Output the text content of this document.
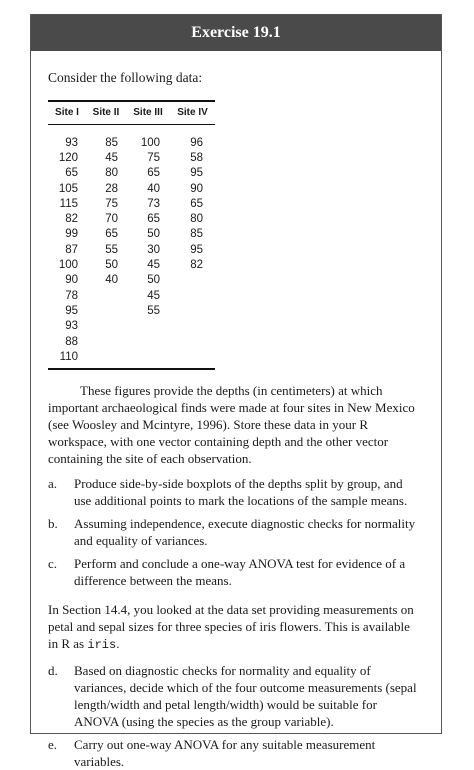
Exercise 19.1
Consider the following data:
Site I	Site II	Site III	Site IV
93	85	100	96
120	45	75	58
65	80	65	95
105	28	40	90
115	75	73	65
82	70	65	80
99	65	50	85
87	55	30	95
100	50	45	82
90	40	50	
78		45	
95		55	
93			
88			
110			

These figures provide the depths (in centimeters) at which important archaeological finds were made at four sites in New Mexico (see Woosley and Mcintyre, 1996). Store these data in your R workspace, with one vector containing depth and the other vector containing the site of each observation.

a.	Produce side-by-side boxplots of the depths split by group, and use additional points to mark the locations of the sample means.
b.	Assuming independence, execute diagnostic checks for normality and equality of variances.
c.	Perform and conclude a one-way ANOVA test for evidence of a difference between the means.

In Section 14.4, you looked at the data set providing measurements on petal and sepal sizes for three species of iris flowers. This is available in R as iris.

d.	Based on diagnostic checks for normality and equality of variances, decide which of the four outcome measurements (sepal length/width and petal length/width) would be suitable for ANOVA (using the species as the group variable).
e.	Carry out one-way ANOVA for any suitable measurement variables.
